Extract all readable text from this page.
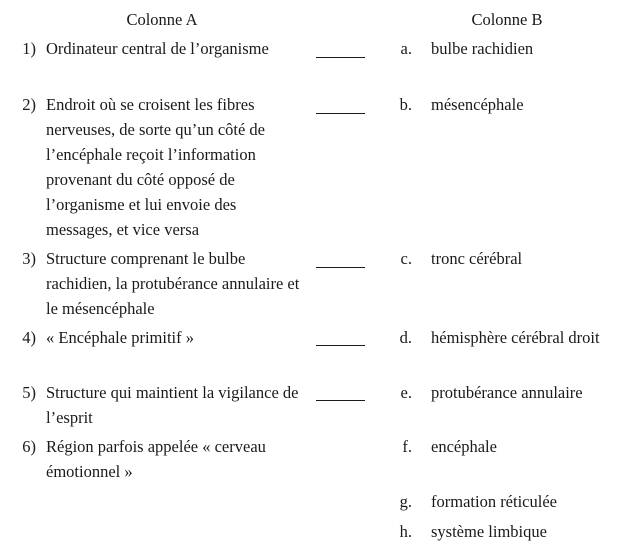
Colonne A	Colonne B
1) Ordinateur central de l’organisme
2) Endroit où se croisent les fibres nerveuses, de sorte qu’un côté de l’encéphale reçoit l’information provenant du côté opposé de l’organisme et lui envoie des messages, et vice versa
3) Structure comprenant le bulbe rachidien, la protubérance annulaire et le mésencéphale
4) « Encéphale primitif »
5) Structure qui maintient la vigilance de l’esprit
6) Région parfois appelée « cerveau émotionnel »
a. bulbe rachidien
b. mésencéphale
c. tronc cérébral
d. hémisphère cérébral droit
e. protubérance annulaire
f. encéphale
g. formation réticulée
h. système limbique
